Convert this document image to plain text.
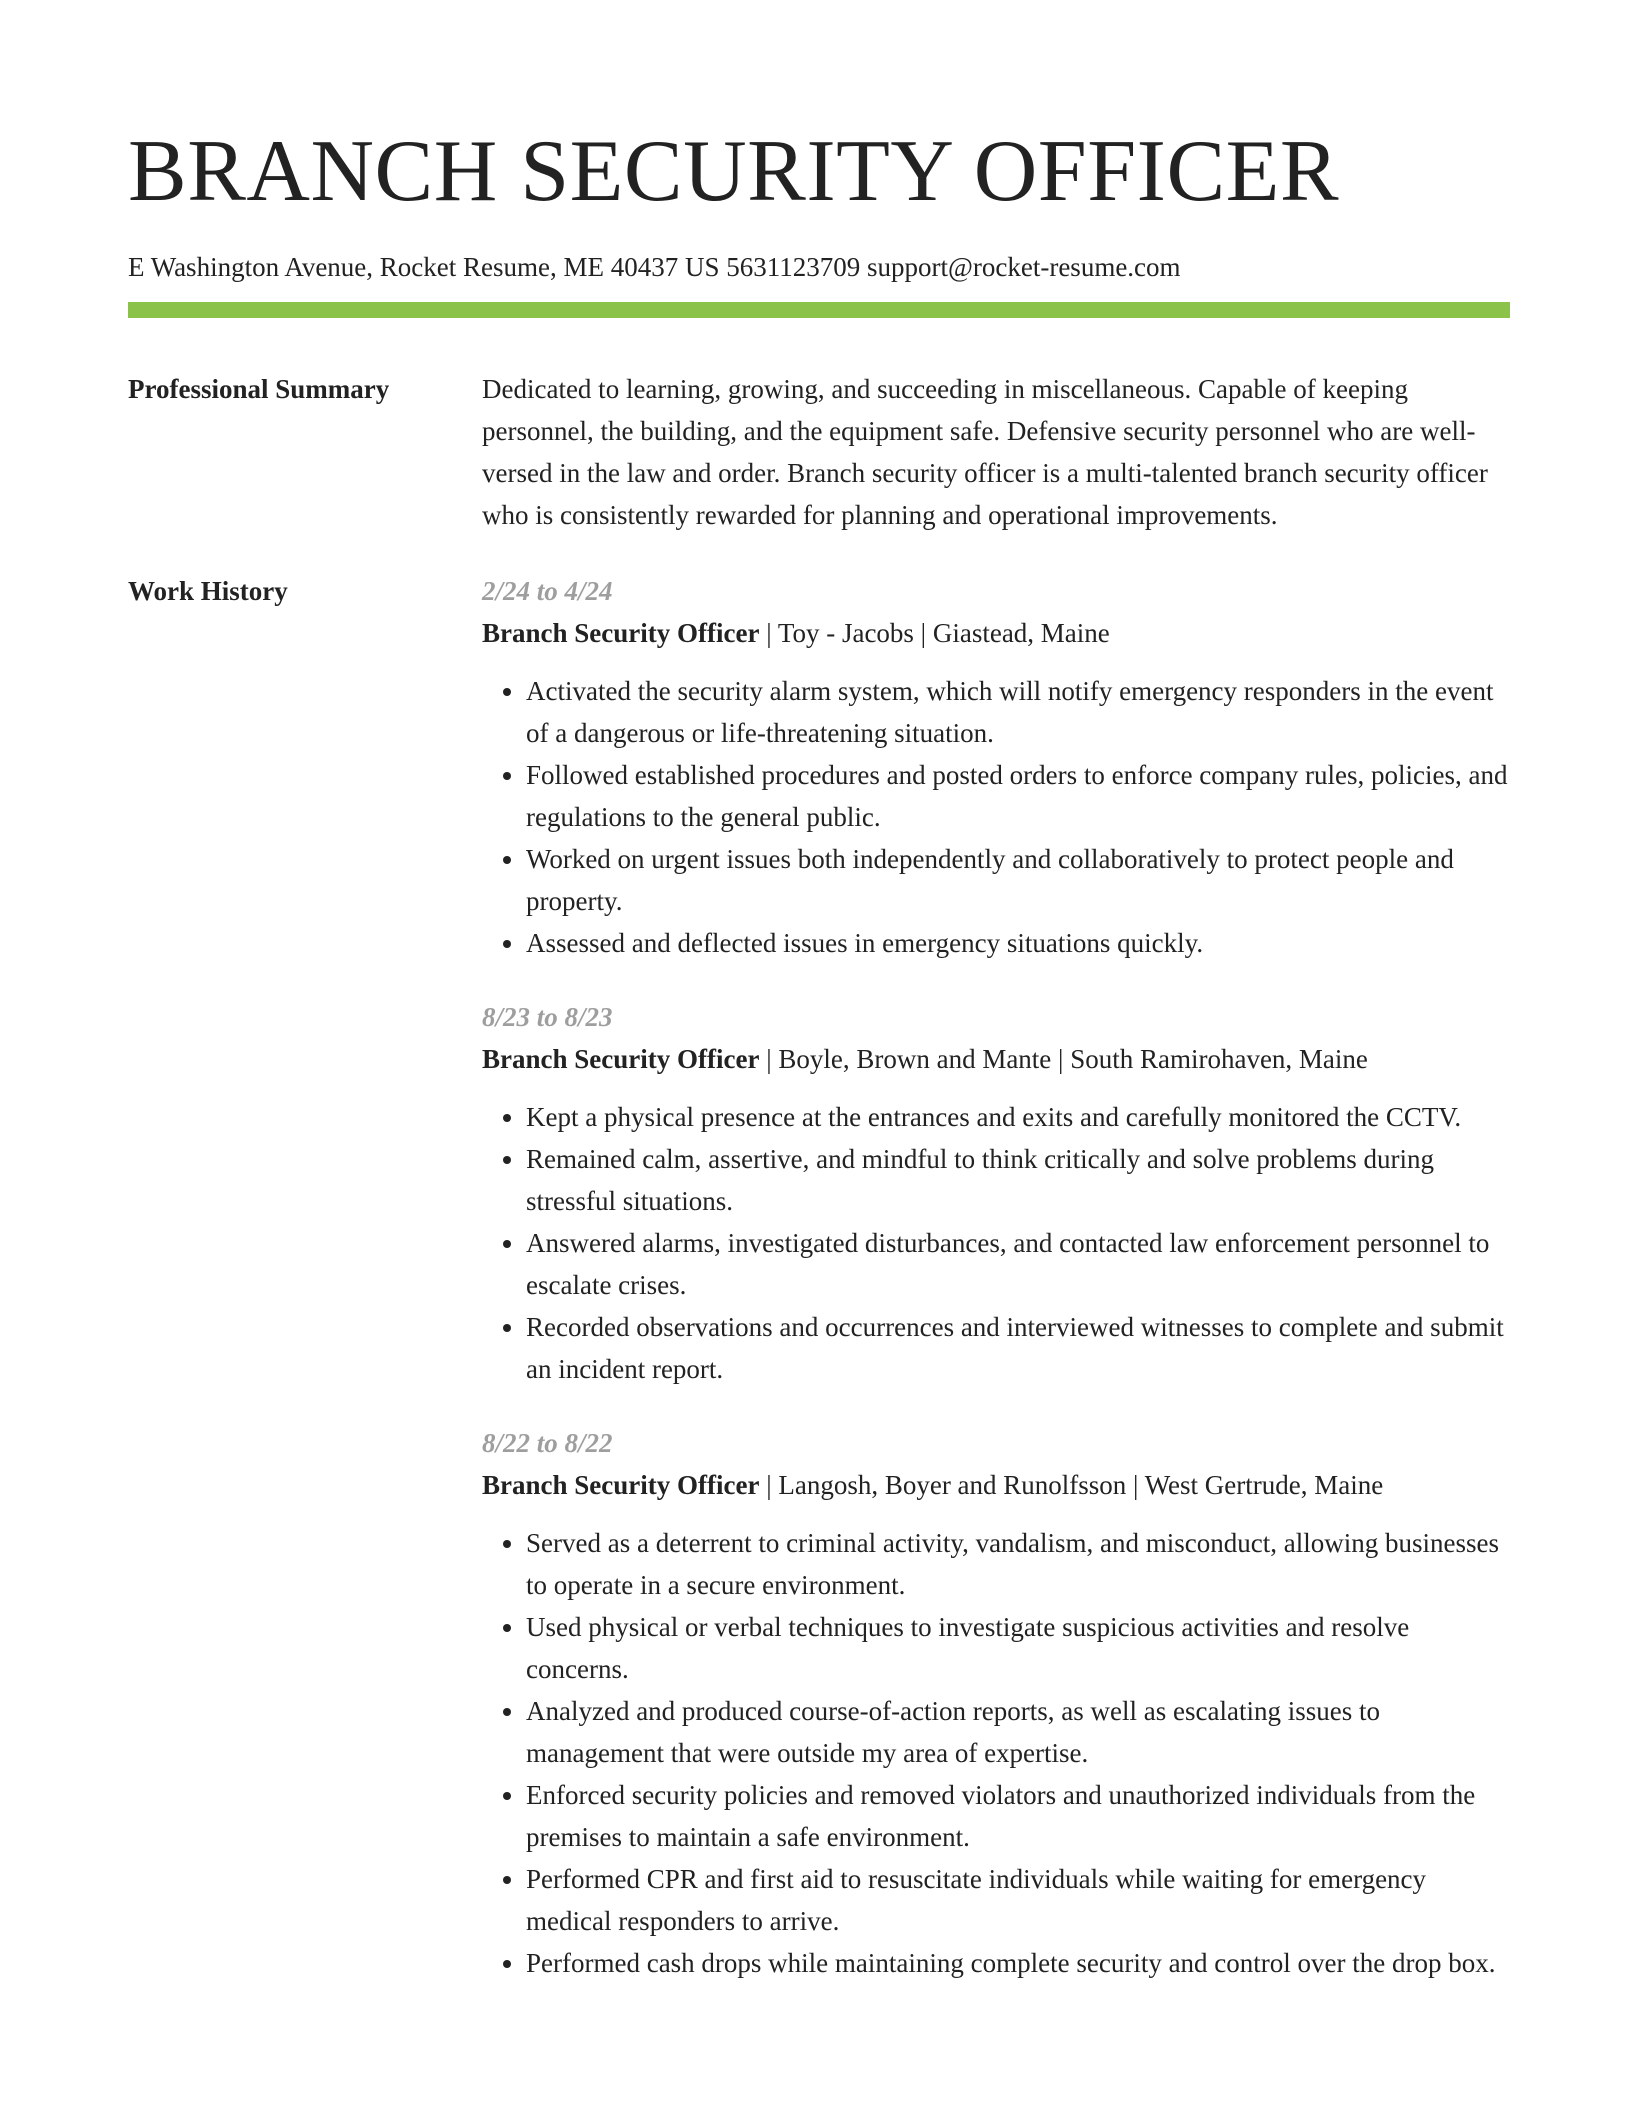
BRANCH SECURITY OFFICER
E Washington Avenue, Rocket Resume, ME 40437 US 5631123709 support@rocket-resume.com
Professional Summary	Dedicated to learning, growing, and succeeding in miscellaneous. Capable of keeping personnel, the building, and the equipment safe. Defensive security personnel who are well-versed in the law and order. Branch security officer is a multi-talented branch security officer who is consistently rewarded for planning and operational improvements.
Work History	2/24 to 4/24
Branch Security Officer | Toy - Jacobs | Giastead, Maine
• Activated the security alarm system, which will notify emergency responders in the event of a dangerous or life-threatening situation.
• Followed established procedures and posted orders to enforce company rules, policies, and regulations to the general public.
• Worked on urgent issues both independently and collaboratively to protect people and property.
• Assessed and deflected issues in emergency situations quickly.
8/23 to 8/23
Branch Security Officer | Boyle, Brown and Mante | South Ramirohaven, Maine
• Kept a physical presence at the entrances and exits and carefully monitored the CCTV.
• Remained calm, assertive, and mindful to think critically and solve problems during stressful situations.
• Answered alarms, investigated disturbances, and contacted law enforcement personnel to escalate crises.
• Recorded observations and occurrences and interviewed witnesses to complete and submit an incident report.
8/22 to 8/22
Branch Security Officer | Langosh, Boyer and Runolfsson | West Gertrude, Maine
• Served as a deterrent to criminal activity, vandalism, and misconduct, allowing businesses to operate in a secure environment.
• Used physical or verbal techniques to investigate suspicious activities and resolve concerns.
• Analyzed and produced course-of-action reports, as well as escalating issues to management that were outside my area of expertise.
• Enforced security policies and removed violators and unauthorized individuals from the premises to maintain a safe environment.
• Performed CPR and first aid to resuscitate individuals while waiting for emergency medical responders to arrive.
• Performed cash drops while maintaining complete security and control over the drop box.
